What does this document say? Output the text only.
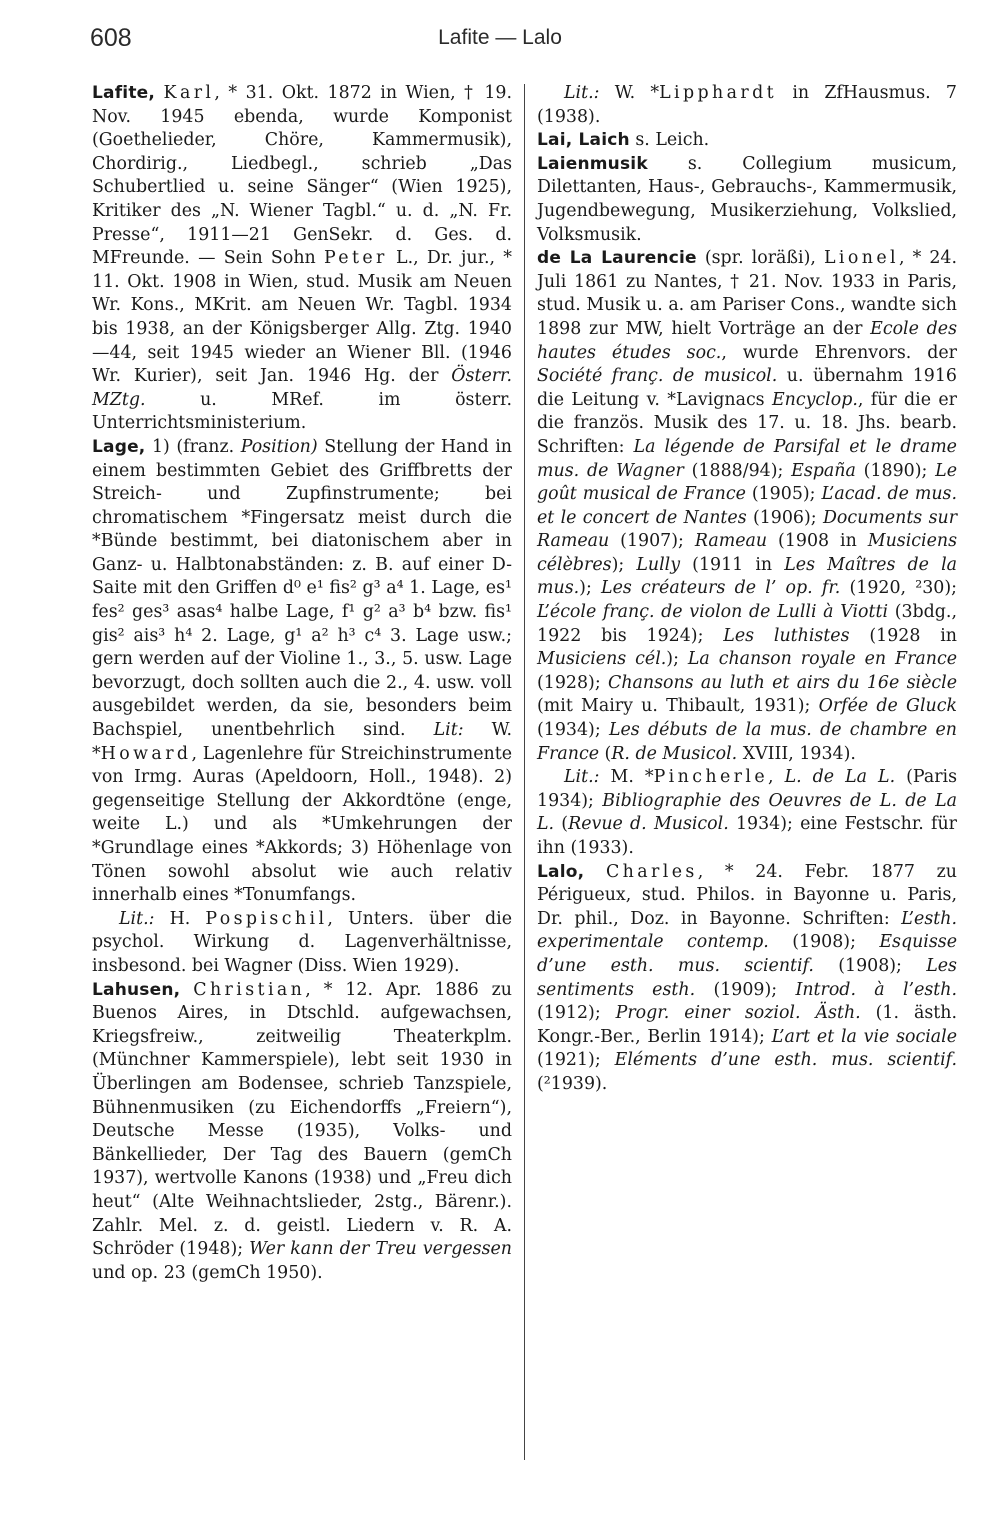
608	Lafite — Lalo

Lafite, Karl, * 31. Okt. 1872 in Wien, † 19. Nov. 1945 ebenda, wurde Komponist (Goethelieder, Chöre, Kammermusik), Chordirig., Liedbegl., schrieb „Das Schubertlied u. seine Sänger“ (Wien 1925), Kritiker des „N. Wiener Tagbl.“ u. d. „N. Fr. Presse“, 1911—21 GenSekr. d. Ges. d. MFreunde. — Sein Sohn Peter L., Dr. jur., * 11. Okt. 1908 in Wien, stud. Musik am Neuen Wr. Kons., MKrit. am Neuen Wr. Tagbl. 1934 bis 1938, an der Königsberger Allg. Ztg. 1940—44, seit 1945 wieder an Wiener Bll. (1946 Wr. Kurier), seit Jan. 1946 Hg. der Österr. MZtg. u. MRef. im österr. Unterrichtsministerium.

Lage, 1) (franz. Position) Stellung der Hand in einem bestimmten Gebiet des Griffbretts der Streich- und Zupfinstrumente; bei chromatischem *Fingersatz meist durch die *Bünde bestimmt, bei diatonischem aber in Ganz- u. Halbtonabständen: z. B. auf einer D-Saite mit den Griffen d⁰ e¹ fis² g³ a⁴ 1. Lage, es¹ fes² ges³ asas⁴ halbe Lage, f¹ g² a³ b⁴ bzw. fis¹ gis² ais³ h⁴ 2. Lage, g¹ a² h³ c⁴ 3. Lage usw.; gern werden auf der Violine 1., 3., 5. usw. Lage bevorzugt, doch sollten auch die 2., 4. usw. voll ausgebildet werden, da sie, besonders beim Bachspiel, unentbehrlich sind. Lit: W. *Howard, Lagenlehre für Streichinstrumente von Irmg. Auras (Apeldoorn, Holl., 1948). 2) gegenseitige Stellung der Akkordtöne (enge, weite L.) und als *Umkehrungen der *Grundlage eines *Akkords; 3) Höhenlage von Tönen sowohl absolut wie auch relativ innerhalb eines *Tonumfangs.

Lit.: H. Pospischil, Unters. über die psychol. Wirkung d. Lagenverhältnisse, insbesond. bei Wagner (Diss. Wien 1929).

Lahusen, Christian, * 12. Apr. 1886 zu Buenos Aires, in Dtschld. aufgewachsen, Kriegsfreiw., zeitweilig Theaterkplm. (Münchner Kammerspiele), lebt seit 1930 in Überlingen am Bodensee, schrieb Tanzspiele, Bühnenmusiken (zu Eichendorffs „Freiern“), Deutsche Messe (1935), Volks- und Bänkellieder, Der Tag des Bauern (gemCh 1937), wertvolle Kanons (1938) und „Freu dich heut“ (Alte Weihnachtslieder, 2stg., Bärenr.). Zahlr. Mel. z. d. geistl. Liedern v. R. A. Schröder (1948); Wer kann der Treu vergessen und op. 23 (gemCh 1950).

Lit.: W. *Lipphardt in ZfHausmus. 7 (1938).

Lai, Laich s. Leich.

Laienmusik s. Collegium musicum, Dilettanten, Haus-, Gebrauchs-, Kammermusik, Jugendbewegung, Musikerziehung, Volkslied, Volksmusik.

de La Laurencie (spr. loräßi), Lionel, * 24. Juli 1861 zu Nantes, † 21. Nov. 1933 in Paris, stud. Musik u. a. am Pariser Cons., wandte sich 1898 zur MW, hielt Vorträge an der Ecole des hautes études soc., wurde Ehrenvors. der Société franç. de musicol. u. übernahm 1916 die Leitung v. *Lavignacs Encyclop., für die er die französ. Musik des 17. u. 18. Jhs. bearb. Schriften: La légende de Parsifal et le drame mus. de Wagner (1888/94); España (1890); Le goût musical de France (1905); L’acad. de mus. et le concert de Nantes (1906); Documents sur Rameau (1907); Rameau (1908 in Musiciens célèbres); Lully (1911 in Les Maîtres de la mus.); Les créateurs de l’ op. fr. (1920, ²30); L’école franç. de violon de Lulli à Viotti (3bdg., 1922 bis 1924); Les luthistes (1928 in Musiciens cél.); La chanson royale en France (1928); Chansons au luth et airs du 16e siècle (mit Mairy u. Thibault, 1931); Orfée de Gluck (1934); Les débuts de la mus. de chambre en France (R. de Musicol. XVIII, 1934).

Lit.: M. *Pincherle, L. de La L. (Paris 1934); Bibliographie des Oeuvres de L. de La L. (Revue d. Musicol. 1934); eine Festschr. für ihn (1933).

Lalo, Charles, * 24. Febr. 1877 zu Périgueux, stud. Philos. in Bayonne u. Paris, Dr. phil., Doz. in Bayonne. Schriften: L’esth. experimentale contemp. (1908); Esquisse d’une esth. mus. scientif. (1908); Les sentiments esth. (1909); Introd. à l’esth. (1912); Progr. einer soziol. Ästh. (1. ästh. Kongr.-Ber., Berlin 1914); L’art et la vie sociale (1921); Eléments d’une esth. mus. scientif. (²1939).
